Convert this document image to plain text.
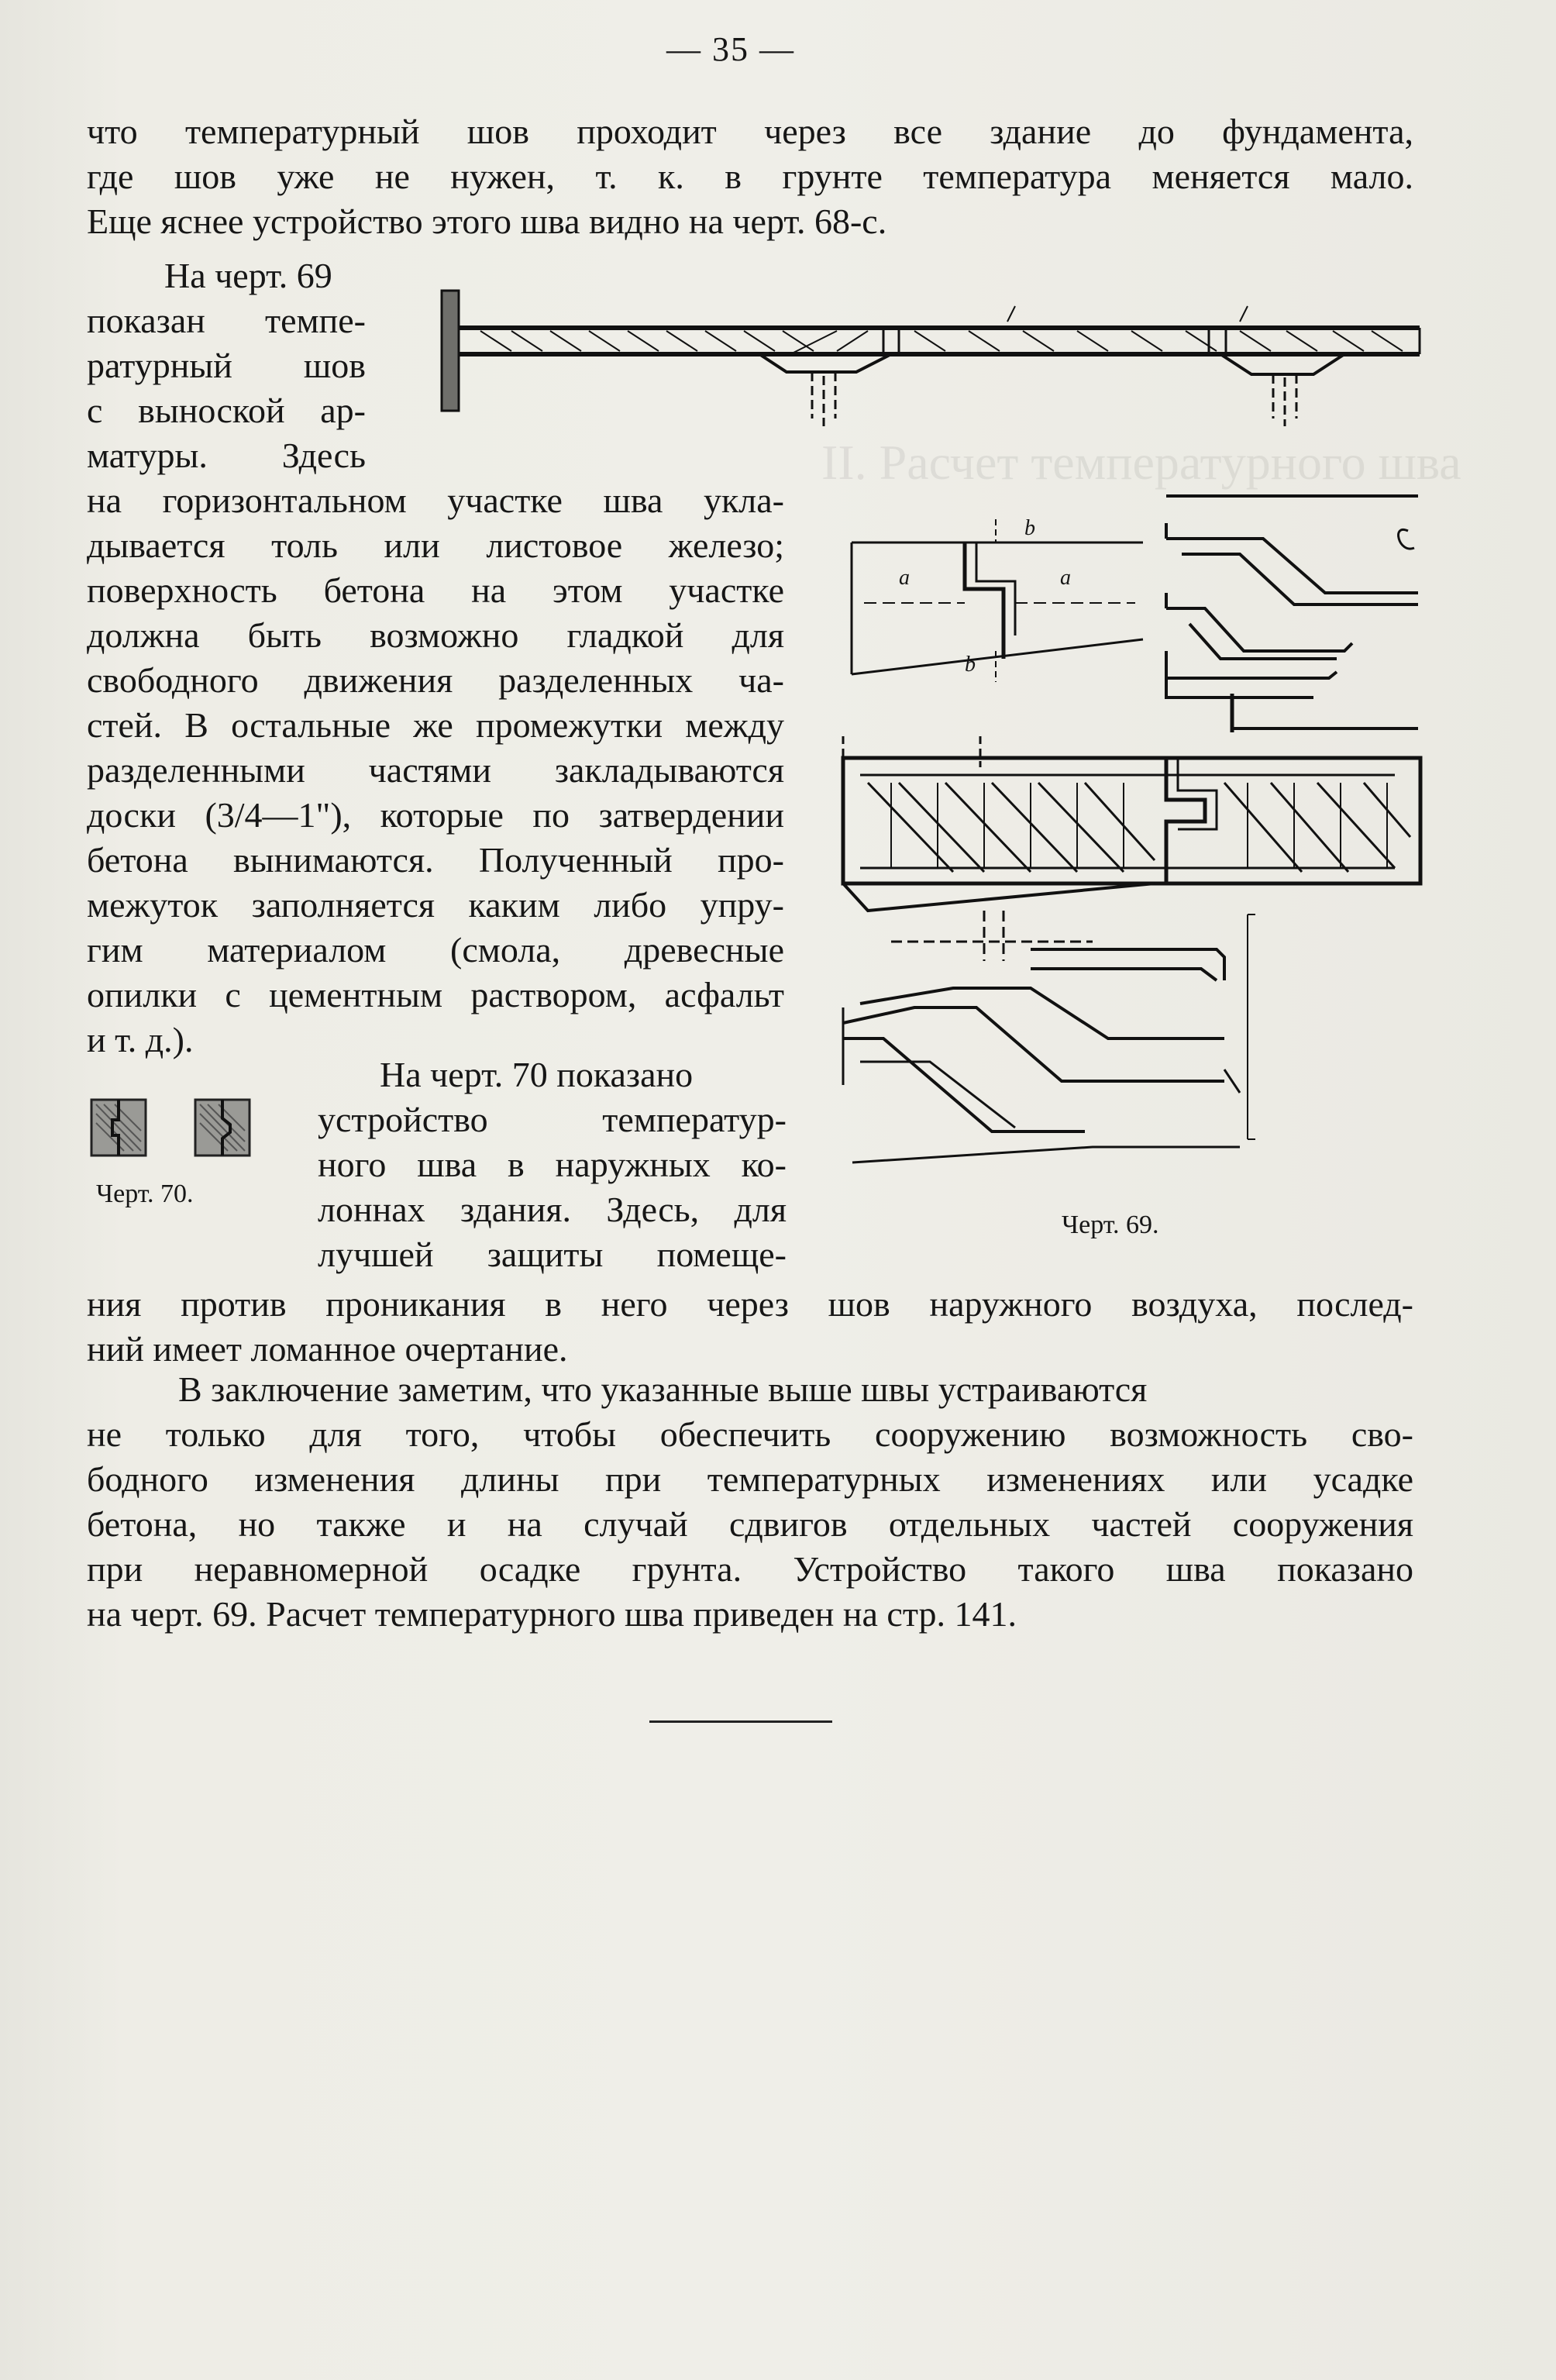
II. Расчет температурного шва
— 35 —
что температурный шов проходит через все здание до фундамента,
где шов уже не нужен, т. к. в грунте температура меняется мало.
Еще яснее устройство этого шва видно на черт. 68-c.
На черт. 69
показан темпе-
ратурный шов
с выноской ар-
матуры. Здесь
на горизонтальном участке шва укла-
дывается толь или листовое железо;
поверхность бетона на этом участке
должна быть возможно гладкой для
свободного движения разделенных ча-
стей. В остальные же промежутки между
разделенными частями закладываются
доски (3/4—1"), которые по затвердении
бетона вынимаются. Полученный про-
межуток заполняется каким либо упру-
гим материалом (смола, древесные
опилки с цементным раствором, асфальт
и т. д.).
Черт. 70.
На черт. 70 показано
устройство температур-
ного шва в наружных ко-
лоннах здания. Здесь, для
лучшей защиты помеще-
ния против проникания в него через шов наружного воздуха, послед-
ний имеет ломанное очертание.
В заключение заметим, что указанные выше швы устраиваются
не только для того, чтобы обеспечить сооружению возможность сво-
бодного изменения длины при температурных изменениях или усадке
бетона, но также и на случай сдвигов отдельных частей сооружения
при неравномерной осадке грунта. Устройство такого шва показано
на черт. 69. Расчет температурного шва приведен на стр. 141.
a	a
b
b
Черт. 69.
